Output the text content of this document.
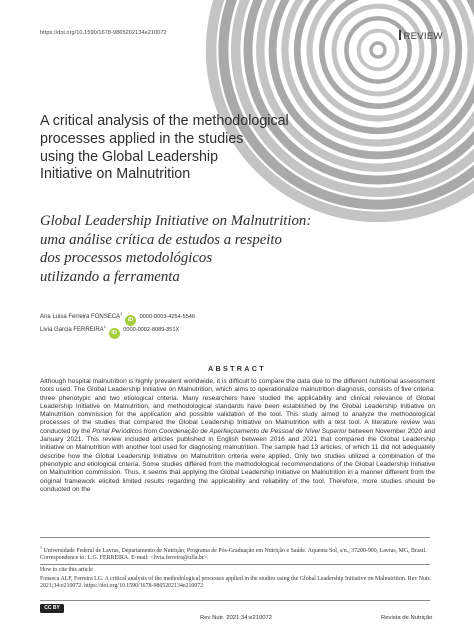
https://doi.org/10.1590/1678-9865202134e210072	REVIEW
A critical analysis of the methodological
processes applied in the studies
using the Global Leadership
Initiative on Malnutrition
Global Leadership Initiative on Malnutrition:
uma análise crítica de estudos a respeito
dos processos metodológicos
utilizando a ferramenta
Ana Luisa Ferreira FONSECA$^1$ iD 0000-0003-4254-5546
Livia Garcia FERREIRA$^1$ iD 0000-0002-8089-351X
ABSTRACT

Although hospital malnutrition is highly prevalent worldwide, it is difficult to compare the data due to the different nutritional assessment tools used. The Global Leadership Initiative on Malnutrition, which aims to operationalize malnutrition diagnosis, consists of five criteria: three phenotypic and two etiological criteria. Many researchers have studied the applicability and clinical relevance of Global Leadership Initiative on Malnutrition, and methodological standards have been established by the Global Leadership Initiative on Malnutrition commission for the application and possible validation of the tool. This study aimed to analyze the methodological processes of the studies that compared the Global Leadership Initiative on Malnutrition with a test tool. A literature review was conducted by the Portal Periódicos from Coordenação de Aperfeiçoamento de Pessoal de Nível Superior between November 2020 and January 2021. This review included articles published in English between 2016 and 2021 that compared the Global Leadership Initiative on Malnutrition with another tool used for diagnosing malnutrition. The sample had 13 articles, of which 11 did not adequately describe how the Global Leadership Initiative on Malnutrition criteria were applied. Only two studies utilized a combination of the phenotypic and etiological criteria. Some studies differed from the methodological recommendations of the Global Leadership Initiative on Malnutrition commission. Thus, it seems that applying the Global Leadership Initiative on Malnutrition in a manner different from the original framework elicited limited results regarding the applicability and reliability of the tool. Therefore, more studies should be conducted on the

$^1$ Universidade Federal de Lavras, Departamento de Nutrição, Programa de Pós-Graduação em Nutrição e Saúde. Aquenta Sol, s/n., 37200-900, Lavras, MG, Brasil. Correspondence to: L.G. FERREIRA. E-mail: <livia.ferreira@ufla.br>.
How to cite this article
Fonseca ALF, Ferreira LG. A critical analysis of the methodological processes applied in the studies using the Global Leadership Initiative on Malnutrition. Rev Nutr. 2021;34:e210072. https://doi.org/10.1590/1678-9865202134e210072
CC BY
Rev Nutr. 2021;34:e210072	Revista de Nutrição
